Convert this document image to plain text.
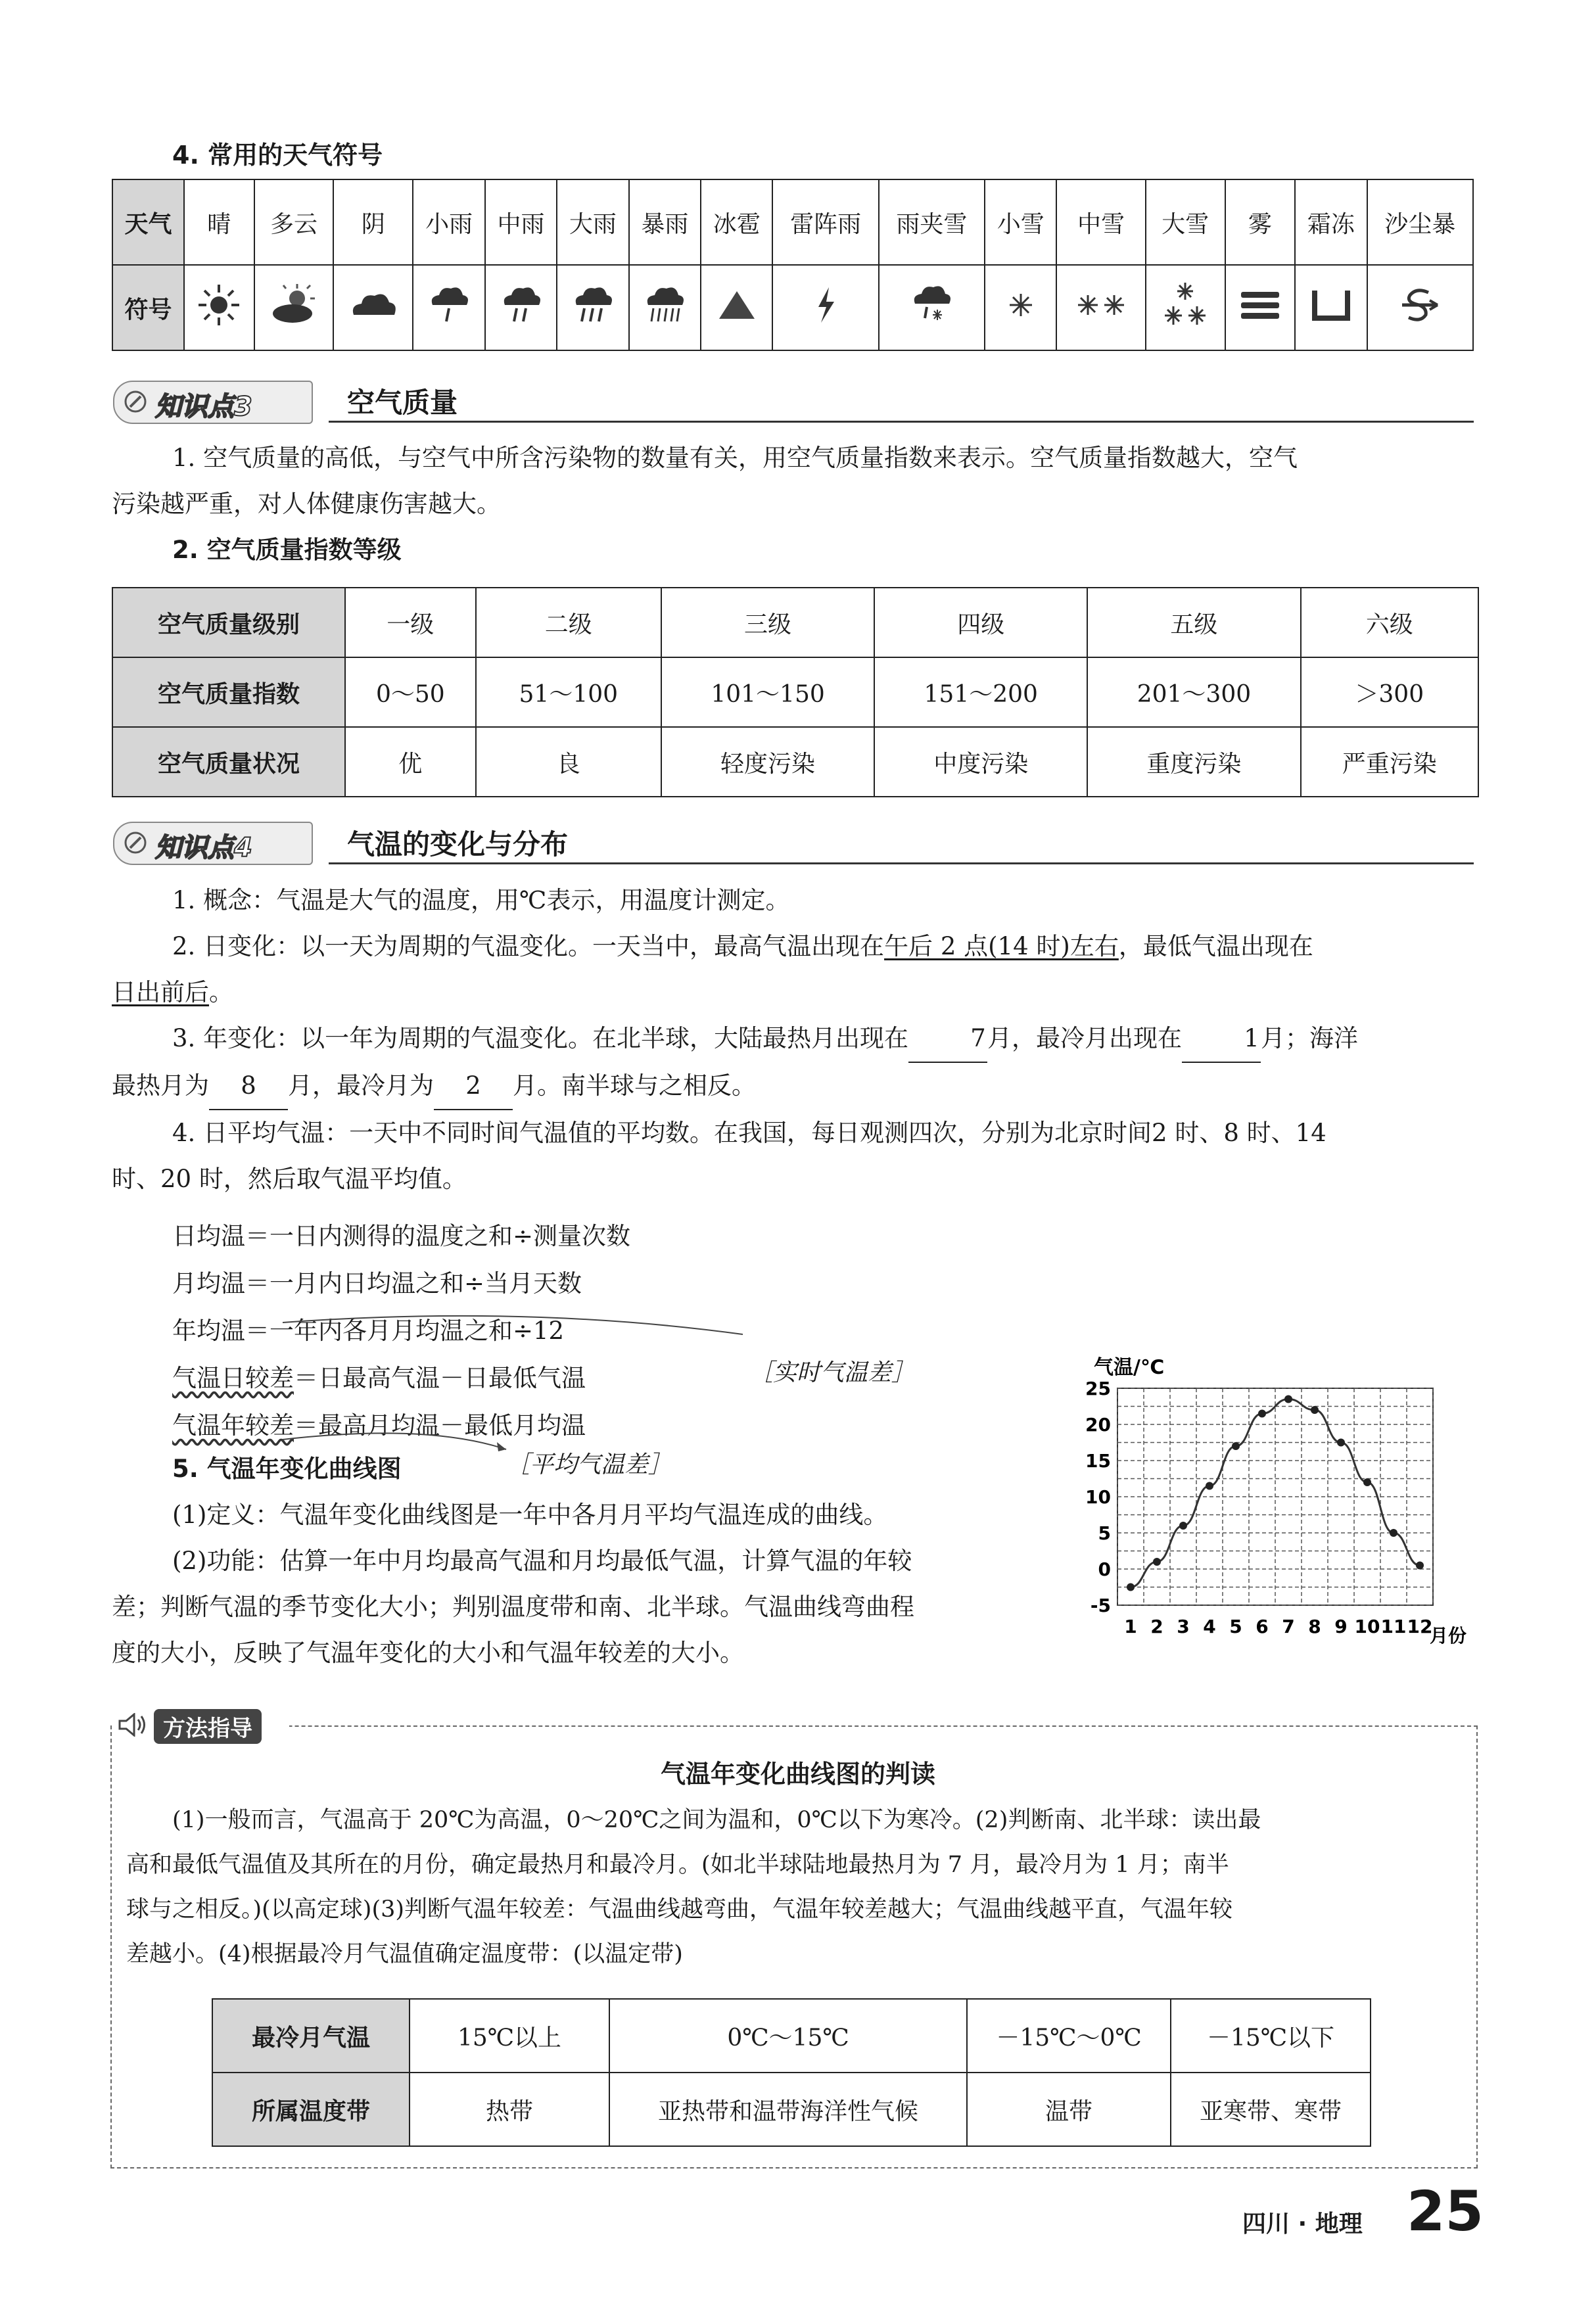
4. 常用的天气符号
天气	晴	多云	阴	小雨	中雨	大雨	暴雨	冰雹	雷阵雨	雨夹雪	小雪	中雪	大雪	雾	霜冻	沙尘暴
符号																
知识点3	空气质量

1. 空气质量的高低，与空气中所含污染物的数量有关，用空气质量指数来表示。空气质量指数越大，空气

污染越严重，对人体健康伤害越大。

2. 空气质量指数等级

空气质量级别	一级	二级	三级	四级	五级	六级
空气质量指数	0～50	51～100	101～150	151～200	201～300	＞300
空气质量状况	优	良	轻度污染	中度污染	重度污染	严重污染
知识点4	气温的变化与分布

1. 概念：气温是大气的温度，用℃表示，用温度计测定。

2. 日变化：以一天为周期的气温变化。一天当中，最高气温出现在午后 2 点(14 时)左右，最低气温出现在

日出前后。

3. 年变化：以一年为周期的气温变化。在北半球，大陆最热月出现在	7月，最冷月出现在	1月；海洋

最热月为 8 月，最冷月为 2 月。南半球与之相反。

4. 日平均气温：一天中不同时间气温值的平均数。在我国，每日观测四次，分别为北京时间2 时、8 时、14

时、20 时，然后取气温平均值。

日均温＝一日内测得的温度之和÷测量次数
月均温＝一月内日均温之和÷当月天数
年均温＝一年内各月月均温之和÷12
气温日较差＝日最高气温－日最低气温
气温年较差＝最高月均温－最低月均温
［实时气温差］
［平均气温差］

5. 气温年变化曲线图

(1)定义：气温年变化曲线图是一年中各月月平均气温连成的曲线。

(2)功能：估算一年中月均最高气温和月均最低气温，计算气温的年较

差；判断气温的季节变化大小；判别温度带和南、北半球。气温曲线弯曲程

度的大小，反映了气温年变化的大小和气温年较差的大小。

气温/℃
25
20
15
10
5
0
-5
1 2 3 4 5 6 7 8 9 10 11 12
月份
方法指导
气温年变化曲线图的判读
(1)一般而言，气温高于 20℃为高温，0～20℃之间为温和，0℃以下为寒冷。(2)判断南、北半球：读出最
高和最低气温值及其所在的月份，确定最热月和最冷月。(如北半球陆地最热月为 7 月，最冷月为 1 月；南半
球与之相反。)(以高定球)(3)判断气温年较差：气温曲线越弯曲，气温年较差越大；气温曲线越平直，气温年较
差越小。(4)根据最冷月气温值确定温度带：(以温定带)
最冷月气温	15℃以上	0℃～15℃	－15℃～0℃	－15℃以下
所属温度带	热带	亚热带和温带海洋性气候	温带	亚寒带、寒带
四川 · 地理 25
